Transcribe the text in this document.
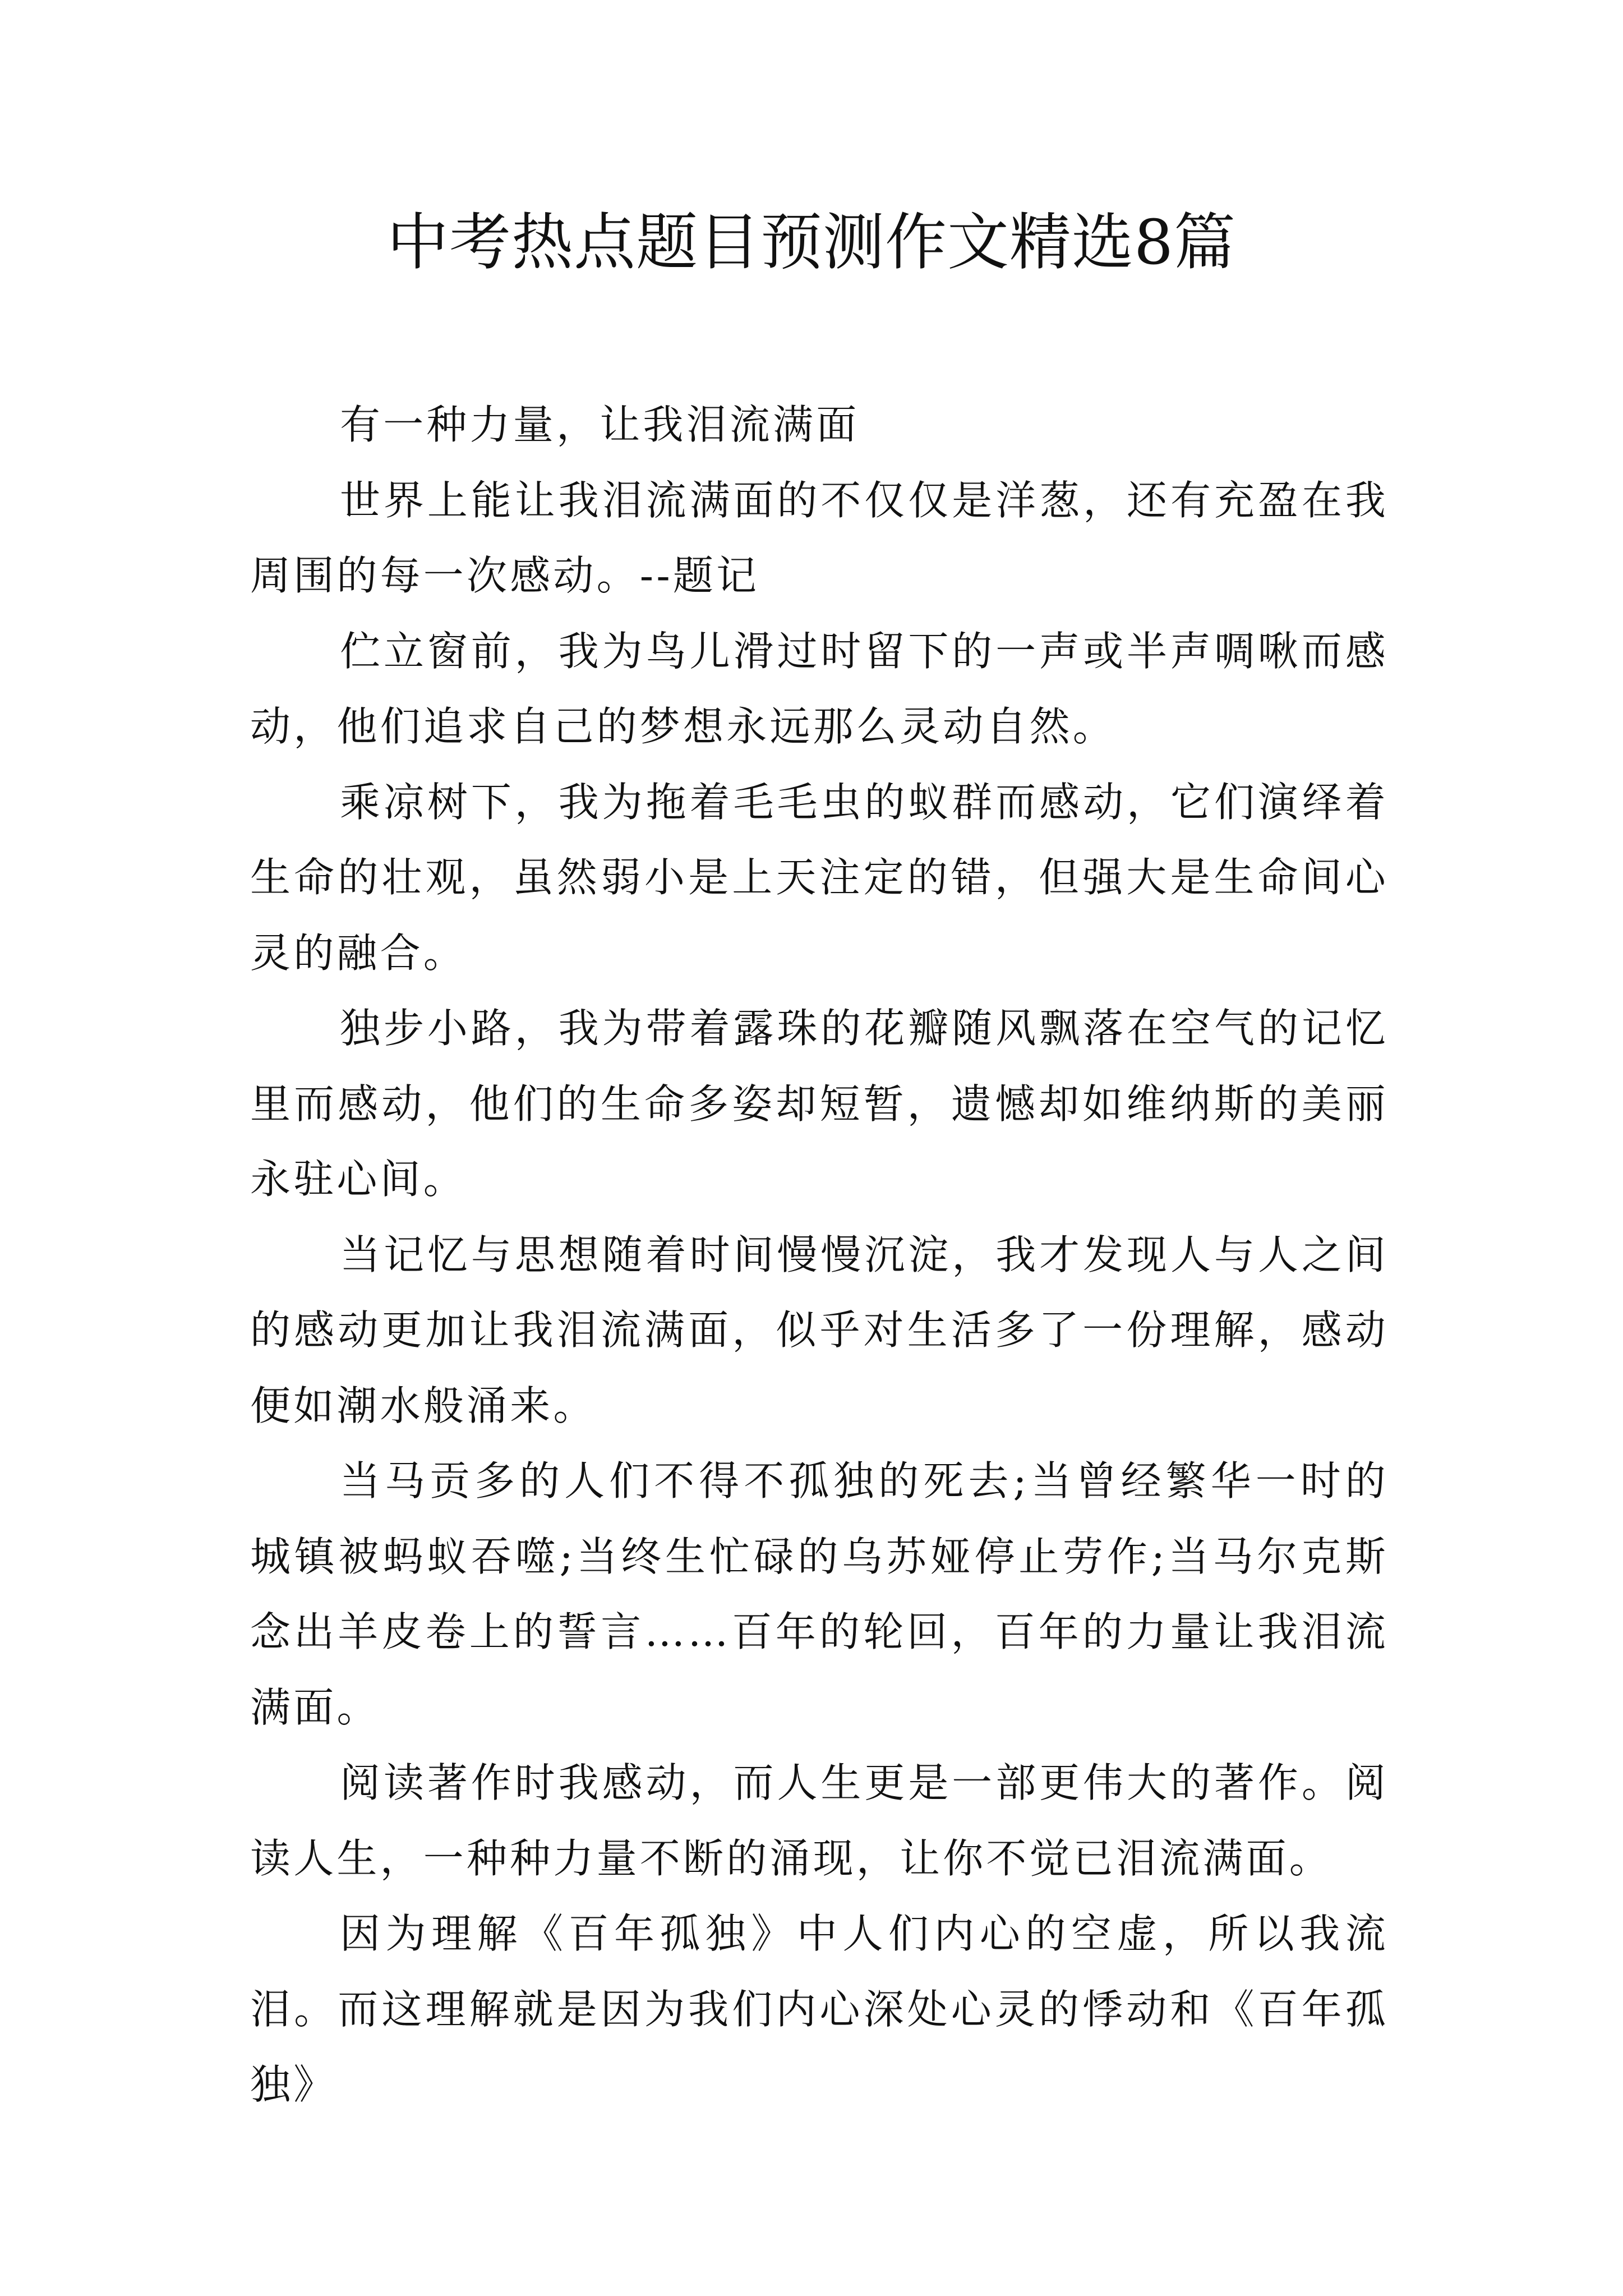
中考热点题目预测作文精选8篇

有一种力量，让我泪流满面

世界上能让我泪流满面的不仅仅是洋葱，还有充盈在我周围的每一次感动。--题记

伫立窗前，我为鸟儿滑过时留下的一声或半声啁啾而感动，他们追求自己的梦想永远那么灵动自然。

乘凉树下，我为拖着毛毛虫的蚁群而感动，它们演绎着生命的壮观，虽然弱小是上天注定的错，但强大是生命间心灵的融合。

独步小路，我为带着露珠的花瓣随风飘落在空气的记忆里而感动，他们的生命多姿却短暂，遗憾却如维纳斯的美丽永驻心间。

当记忆与思想随着时间慢慢沉淀，我才发现人与人之间的感动更加让我泪流满面，似乎对生活多了一份理解，感动便如潮水般涌来。

当马贡多的人们不得不孤独的死去;当曾经繁华一时的城镇被蚂蚁吞噬;当终生忙碌的乌苏娅停止劳作;当马尔克斯念出羊皮卷上的誓言……百年的轮回，百年的力量让我泪流满面。

阅读著作时我感动，而人生更是一部更伟大的著作。阅读人生，一种种力量不断的涌现，让你不觉已泪流满面。

因为理解《百年孤独》中人们内心的空虚，所以我流泪。而这理解就是因为我们内心深处心灵的悸动和《百年孤独》
